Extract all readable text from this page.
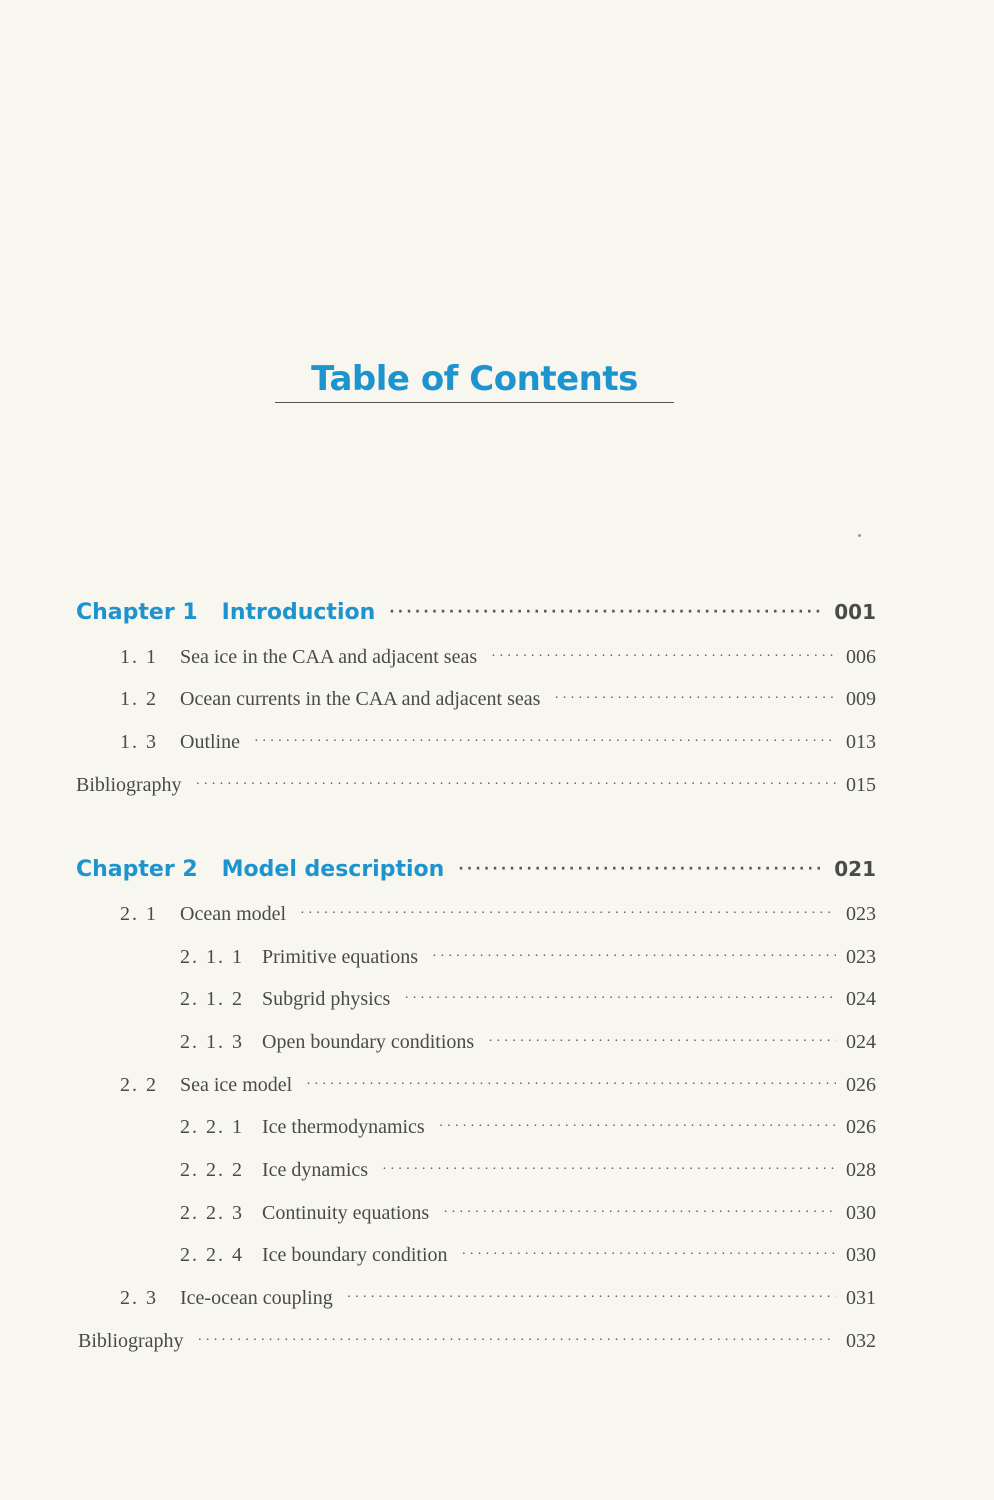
Table of Contents
Chapter 1 Introduction ·····	001
1. 1	Sea ice in the CAA and adjacent seas ·····	006
1. 2	Ocean currents in the CAA and adjacent seas ·····	009
1. 3	Outline ·····	013
Bibliography ·····	015
Chapter 2 Model description ·····	021
2. 1	Ocean model ·····	023
2. 1. 1 Primitive equations ·····	023
2. 1. 2 Subgrid physics ·····	024
2. 1. 3 Open boundary conditions ·····	024
2. 2	Sea ice model ·····	026
2. 2. 1 Ice thermodynamics ·····	026
2. 2. 2 Ice dynamics ·····	028
2. 2. 3 Continuity equations ·····	030
2. 2. 4 Ice boundary condition ·····	030
2. 3	Ice-ocean coupling ·····	031
Bibliography ·····	032
